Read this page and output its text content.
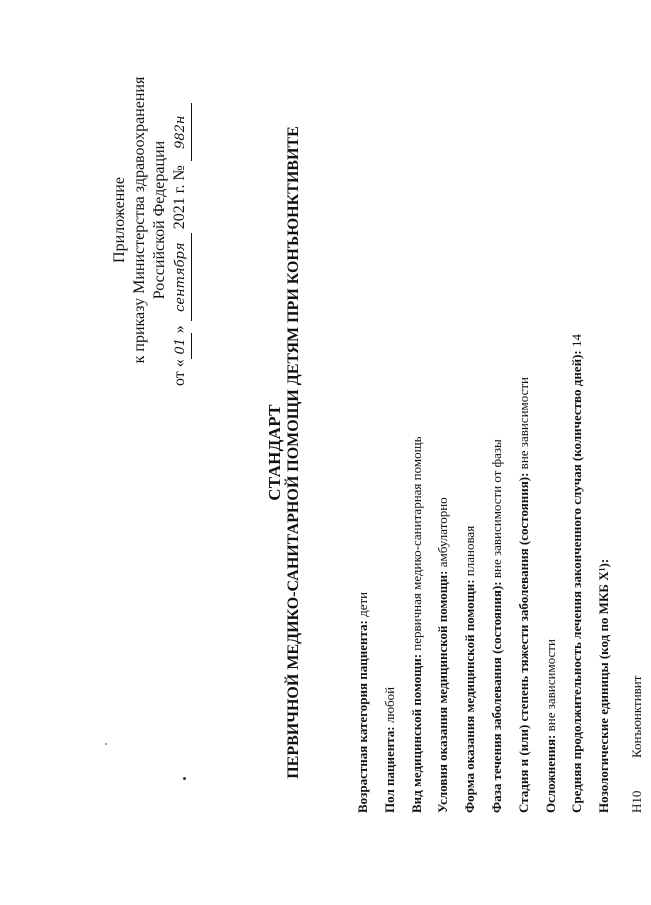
Приложение к приказу Министерства здравоохранения Российской Федерации
от «01» сентября 2021 г. № 982н
СТАНДАРТ ПЕРВИЧНОЙ МЕДИКО-САНИТАРНОЙ ПОМОЩИ ДЕТЯМ ПРИ КОНЪЮНКТИВИТЕ	Возрастная категория пациента: дети
Пол пациента: любой Вид медицинской помощи: первичная медико-санитарная помощь
Условия оказания медицинской помощи: амбулаторно
Форма оказания медицинской помощи: плановая
Фаза течения заболевания (состояния): вне зависимости от фазы Стадия и (или) степень тяжести заболевания (состояния): вне зависимости
Осложнения: вне зависимости Средняя продолжительность лечения законченного случая (количество дней): 14
Нозологические единицы (код по МКБ X¹):	H10Конъюнктивит
